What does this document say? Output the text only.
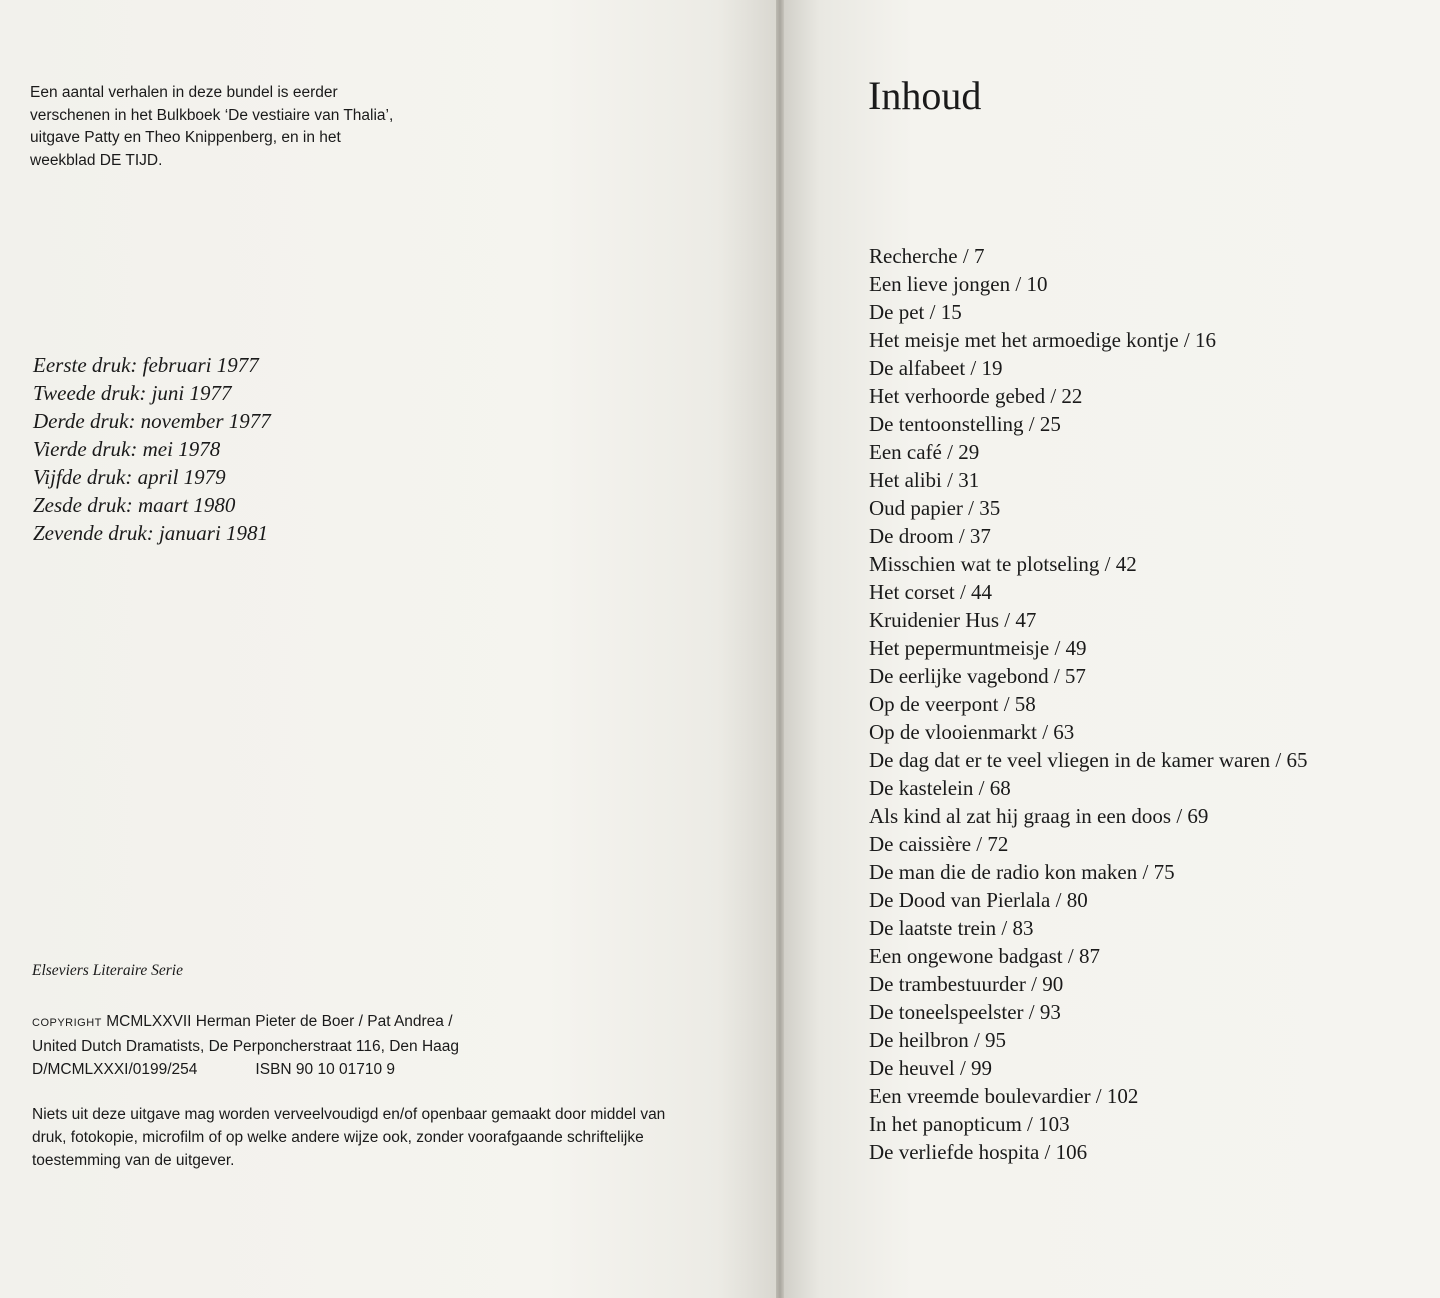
Een aantal verhalen in deze bundel is eerder verschenen in het Bulkboek ‘De vestiaire van Thalia’, uitgave Patty en Theo Knippenberg, en in het weekblad DE TIJD.

Eerste druk: februari 1977
Tweede druk: juni 1977
Derde druk: november 1977
Vierde druk: mei 1978
Vijfde druk: april 1979
Zesde druk: maart 1980
Zevende druk: januari 1981

Elseviers Literaire Serie

COPYRIGHT MCMLXXVII Herman Pieter de Boer / Pat Andrea /
United Dutch Dramatists, De Perponcherstraat 116, Den Haag
D/MCMLXXXI/0199/254	ISBN 90 10 01710 9

Niets uit deze uitgave mag worden verveelvoudigd en/of openbaar gemaakt door middel van druk, fotokopie, microfilm of op welke andere wijze ook, zonder voorafgaande schriftelijke toestemming van de uitgever.

Inhoud
Recherche / 7
Een lieve jongen / 10
De pet / 15
Het meisje met het armoedige kontje / 16
De alfabeet / 19
Het verhoorde gebed / 22
De tentoonstelling / 25
Een café / 29
Het alibi / 31
Oud papier / 35
De droom / 37
Misschien wat te plotseling / 42
Het corset / 44
Kruidenier Hus / 47
Het pepermuntmeisje / 49
De eerlijke vagebond / 57
Op de veerpont / 58
Op de vlooienmarkt / 63
De dag dat er te veel vliegen in de kamer waren / 65
De kastelein / 68
Als kind al zat hij graag in een doos / 69
De caissière / 72
De man die de radio kon maken / 75
De Dood van Pierlala / 80
De laatste trein / 83
Een ongewone badgast / 87
De trambestuurder / 90
De toneelspeelster / 93
De heilbron / 95
De heuvel / 99
Een vreemde boulevardier / 102
In het panopticum / 103
De verliefde hospita / 106
